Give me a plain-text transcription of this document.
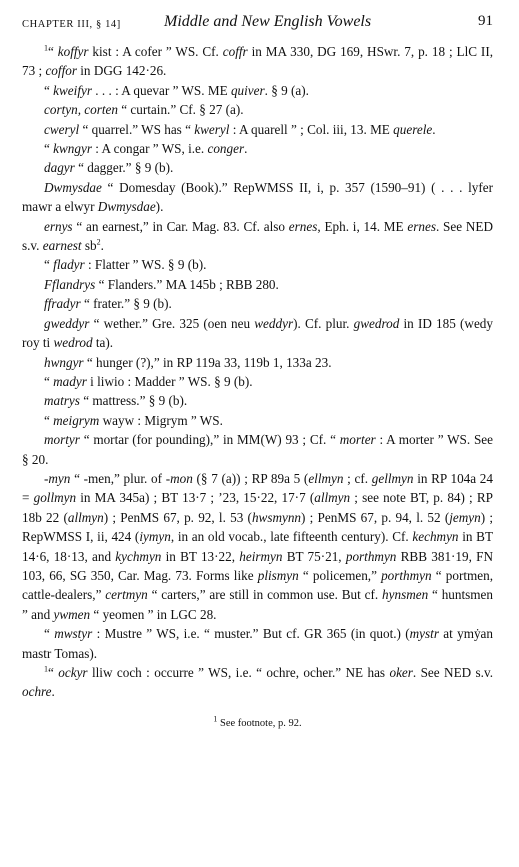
CHAPTER III, § 14]	Middle and New English Vowels	91

$^1$“ koffyr kist : A cofer ” WS. Cf. coffr in MA 330, DG 169, HSwr. 7, p. 18 ; LlC II, 73 ; coffor in DGG 142·26.

“ kweifyr . . . : A quevar ” WS. ME quiver. § 9 (a).

cortyn, corten “ curtain.” Cf. § 27 (a).

cweryl “ quarrel.” WS has “ kweryl : A quarell ” ; Col. iii, 13. ME querele.

“ kwngyr : A congar ” WS, i.e. conger.

dagyr “ dagger.” § 9 (b).

Dwmysdae “ Domesday (Book).” RepWMSS II, i, p. 357 (1590–91) ( . . . lyfer mawr a elwyr Dwmysdae).

ernys “ an earnest,” in Car. Mag. 83. Cf. also ernes, Eph. i, 14. ME ernes. See NED s.v. earnest $sb^2$.

“ fladyr : Flatter ” WS. § 9 (b).

Fflandrys “ Flanders.” MA 145b ; RBB 280.

ffradyr “ frater.” § 9 (b).

gweddyr “ wether.” Gre. 325 (oen neu weddyr). Cf. plur. gwedrod in ID 185 (wedy roy ti wedrod ta).

hwngyr “ hunger (?),” in RP 119a 33, 119b 1, 133a 23.

“ madyr i liwio : Madder ” WS. § 9 (b).

matrys “ mattress.” § 9 (b).

“ meigrym wayw : Migrym ” WS.

mortyr “ mortar (for pounding),” in MM(W) 93 ; Cf. “ morter : A morter ” WS. See § 20.

-myn “ -men,” plur. of -mon (§ 7 (a)) ; RP 89a 5 (ellmyn ; cf. gellmyn in RP 104a 24 = gollmyn in MA 345a) ; BT 13·7 ; ’23, 15·22, 17·7 (allmyn ; see note BT, p. 84) ; RP 18b 22 (allmyn) ; PenMS 67, p. 92, l. 53 (hwsmynn) ; PenMS 67, p. 94, l. 52 (jemyn) ; RepWMSS I, ii, 424 (iymyn, in an old vocab., late fifteenth century). Cf. kechmyn in BT 14·6, 18·13, and kychmyn in BT 13·22, heirmyn BT 75·21, porthmyn RBB 381·19, FN 103, 66, SG 350, Car. Mag. 73. Forms like plismyn “ policemen,” porthmyn “ portmen, cattle-dealers,” certmyn “ carters,” are still in common use. But cf. hynsmen “ huntsmen ” and ywmen “ yeomen ” in LGC 28.

“ mwstyr : Mustre ” WS, i.e. “ muster.” But cf. GR 365 (in quot.) (mystr at ymẏan mastr Tomas).

$^1$“ ockyr lliw coch : occurre ” WS, i.e. “ ochre, ocher.” NE has oker. See NED s.v. ochre.

$^1$ See footnote, p. 92.
